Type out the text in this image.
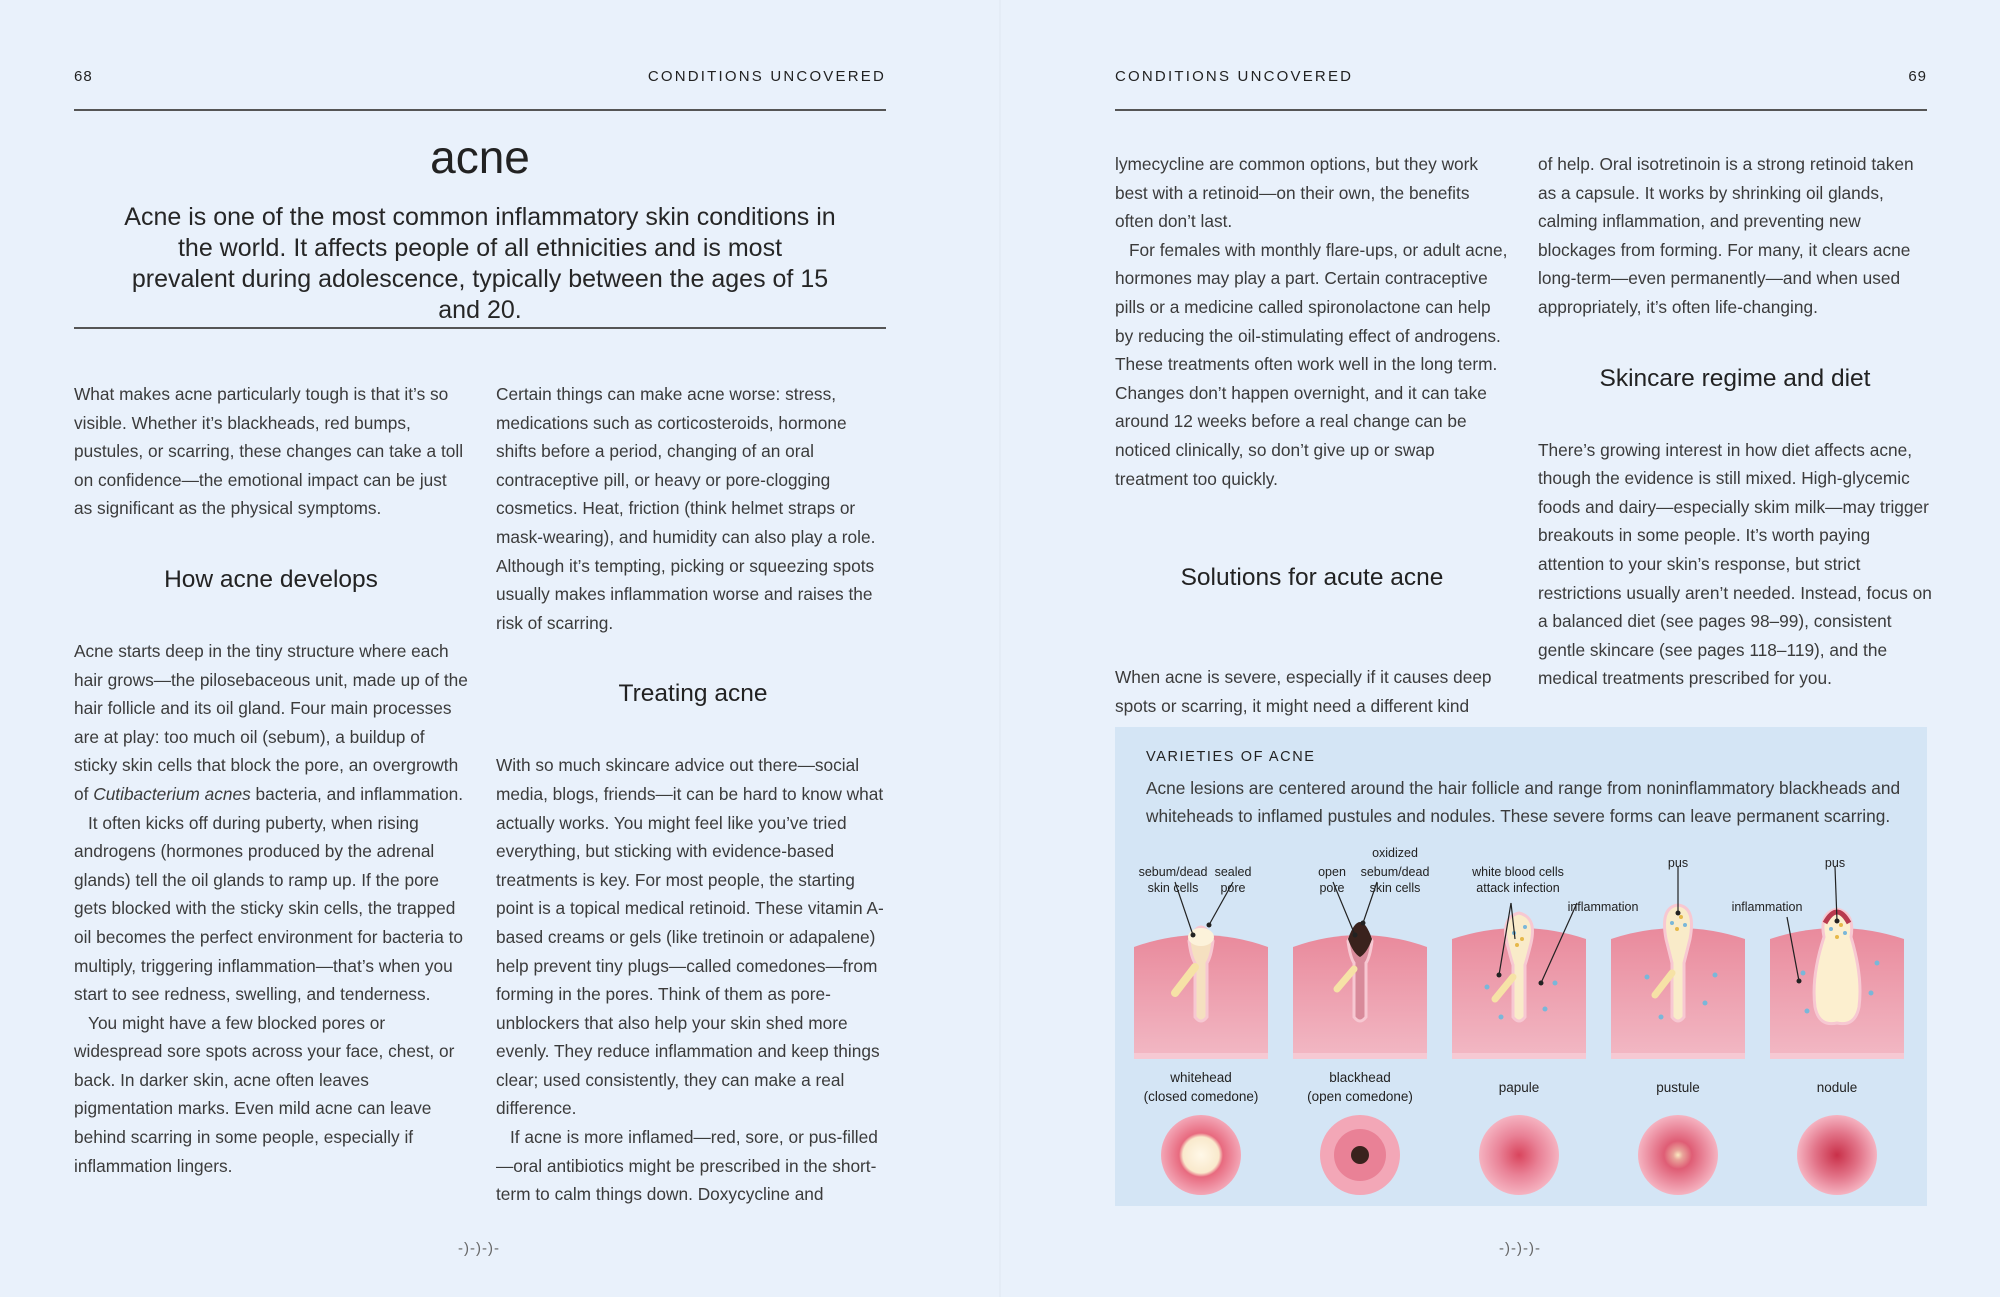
68	CONDITIONS UNCOVERED
acne

Acne is one of the most common inflammatory skin conditions in the world. It affects people of all ethnicities and is most prevalent during adolescence, typically between the ages of 15 and 20.

What makes acne particularly tough is that it’s so visible. Whether it’s blackheads, red bumps, pustules, or scarring, these changes can take a toll on confidence—the emotional impact can be just as significant as the physical symptoms.

How acne develops

Acne starts deep in the tiny structure where each hair grows—the pilosebaceous unit, made up of the hair follicle and its oil gland. Four main processes are at play: too much oil (sebum), a buildup of sticky skin cells that block the pore, an overgrowth of Cutibacterium acnes bacteria, and inflammation.

It often kicks off during puberty, when rising androgens (hormones produced by the adrenal glands) tell the oil glands to ramp up. If the pore gets blocked with the sticky skin cells, the trapped oil becomes the perfect environment for bacteria to multiply, triggering inflammation—that’s when you start to see redness, swelling, and tenderness.

You might have a few blocked pores or widespread sore spots across your face, chest, or back. In darker skin, acne often leaves pigmentation marks. Even mild acne can leave behind scarring in some people, especially if inflammation lingers.

Certain things can make acne worse: stress, medications such as corticosteroids, hormone shifts before a period, changing of an oral contraceptive pill, or heavy or pore-clogging cosmetics. Heat, friction (think helmet straps or mask-wearing), and humidity can also play a role. Although it’s tempting, picking or squeezing spots usually makes inflammation worse and raises the risk of scarring.

Treating acne

With so much skincare advice out there—social media, blogs, friends—it can be hard to know what actually works. You might feel like you’ve tried everything, but sticking with evidence-based treatments is key. For most people, the starting point is a topical medical retinoid. These vitamin A-based creams or gels (like tretinoin or adapalene) help prevent tiny plugs—called comedones—from forming in the pores. Think of them as pore-unblockers that also help your skin shed more evenly. They reduce inflammation and keep things clear; used consistently, they can make a real difference.

If acne is more inflamed—red, sore, or pus-filled—oral antibiotics might be prescribed in the short-term to calm things down. Doxycycline and

-)-)-)-
CONDITIONS UNCOVERED	69

lymecycline are common options, but they work best with a retinoid—on their own, the benefits often don’t last.

For females with monthly flare-ups, or adult acne, hormones may play a part. Certain contraceptive pills or a medicine called spironolactone can help by reducing the oil-stimulating effect of androgens. These treatments often work well in the long term. Changes don’t happen overnight, and it can take around 12 weeks before a real change can be noticed clinically, so don’t give up or swap treatment too quickly.

Solutions for acute acne

When acne is severe, especially if it causes deep spots or scarring, it might need a different kind

of help. Oral isotretinoin is a strong retinoid taken as a capsule. It works by shrinking oil glands, calming inflammation, and preventing new blockages from forming. For many, it clears acne long-term—even permanently—and when used appropriately, it’s often life-changing.

Skincare regime and diet

There’s growing interest in how diet affects acne, though the evidence is still mixed. High-glycemic foods and dairy—especially skim milk—may trigger breakouts in some people. It’s worth paying attention to your skin’s response, but strict restrictions usually aren’t needed. Instead, focus on a balanced diet (see pages 98–99), consistent gentle skincare (see pages 118–119), and the medical treatments prescribed for you.

VARIETIES OF ACNE
Acne lesions are centered around the hair follicle and range from noninflammatory blackheads and whiteheads to inflamed pustules and nodules. These severe forms can leave permanent scarring.
sebum/dead
skin cells
sealed
pore
open
pore
oxidized
sebum/dead
skin cells
white blood cells
attack infection
inflammation
pus
inflammation
pus
whitehead
(closed comedone)
blackhead
(open comedone)
papule	pustule	nodule
-)-)-)-
